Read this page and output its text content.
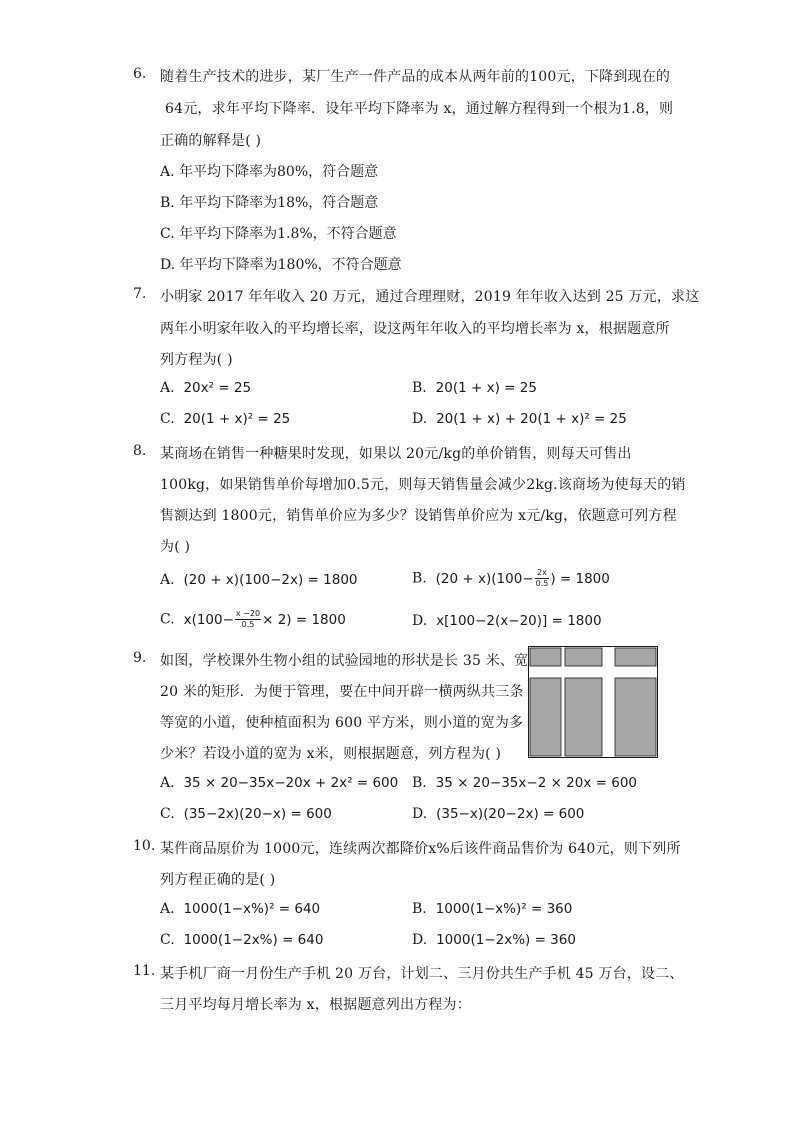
6. 随着生产技术的进步，某厂生产一件产品的成本从两年前的100元，下降到现在的
64元，求年平均下降率．设年平均下降率为 x，通过解方程得到一个根为1.8，则
正确的解释是( )
A. 年平均下降率为80%，符合题意
B. 年平均下降率为18%，符合题意
C. 年平均下降率为1.8%，不符合题意
D. 年平均下降率为180%，不符合题意
7. 小明家 2017 年年收入 20 万元，通过合理理财，2019 年年收入达到 25 万元，求这
两年小明家年收入的平均增长率，设这两年年收入的平均增长率为 x，根据题意所
列方程为( )
A. 20x² = 25	B. 20(1 + x) = 25
C. 20(1 + x)² = 25	D. 20(1 + x) + 20(1 + x)² = 25
8. 某商场在销售一种糖果时发现，如果以 20元/kg的单价销售，则每天可售出
100kg，如果销售单价每增加0.5元，则每天销售量会减少2kg.该商场为使每天的销
售额达到 1800元，销售单价应为多少？设销售单价应为 x元/kg，依题意可列方程
为( )
A. (20 + x)(100−2x) = 1800	B. $(20 + x)(100- \frac{2x}{0.5}$ ) = 1800
C. $x(100- \frac{x -20}{0.5} \times 2) = 1800$	D. x[100−2(x−20)] = 1800
9. 如图，学校课外生物小组的试验园地的形状是长 35 米、宽
20 米的矩形．为便于管理，要在中间开辟一横两纵共三条
等宽的小道，使种植面积为 600 平方米，则小道的宽为多
少米？若设小道的宽为 x米，则根据题意，列方程为( )
A. 35 × 20−35x−20x + 2x² = 600 B. 35 × 20−35x−2 × 20x = 600
C. (35−2x)(20−x) = 600	D. (35−x)(20−2x) = 600
10. 某件商品原价为 1000元，连续两次都降价x%后该件商品售价为 640元，则下列所
列方程正确的是( )
A. 1000(1−x%)² = 640	B. 1000(1−x%)² = 360
C. 1000(1−2x%) = 640	D. 1000(1−2x%) = 360
11. 某手机厂商一月份生产手机 20 万台，计划二、三月份共生产手机 45 万台，设二、
三月平均每月增长率为 x，根据题意列出方程为：
